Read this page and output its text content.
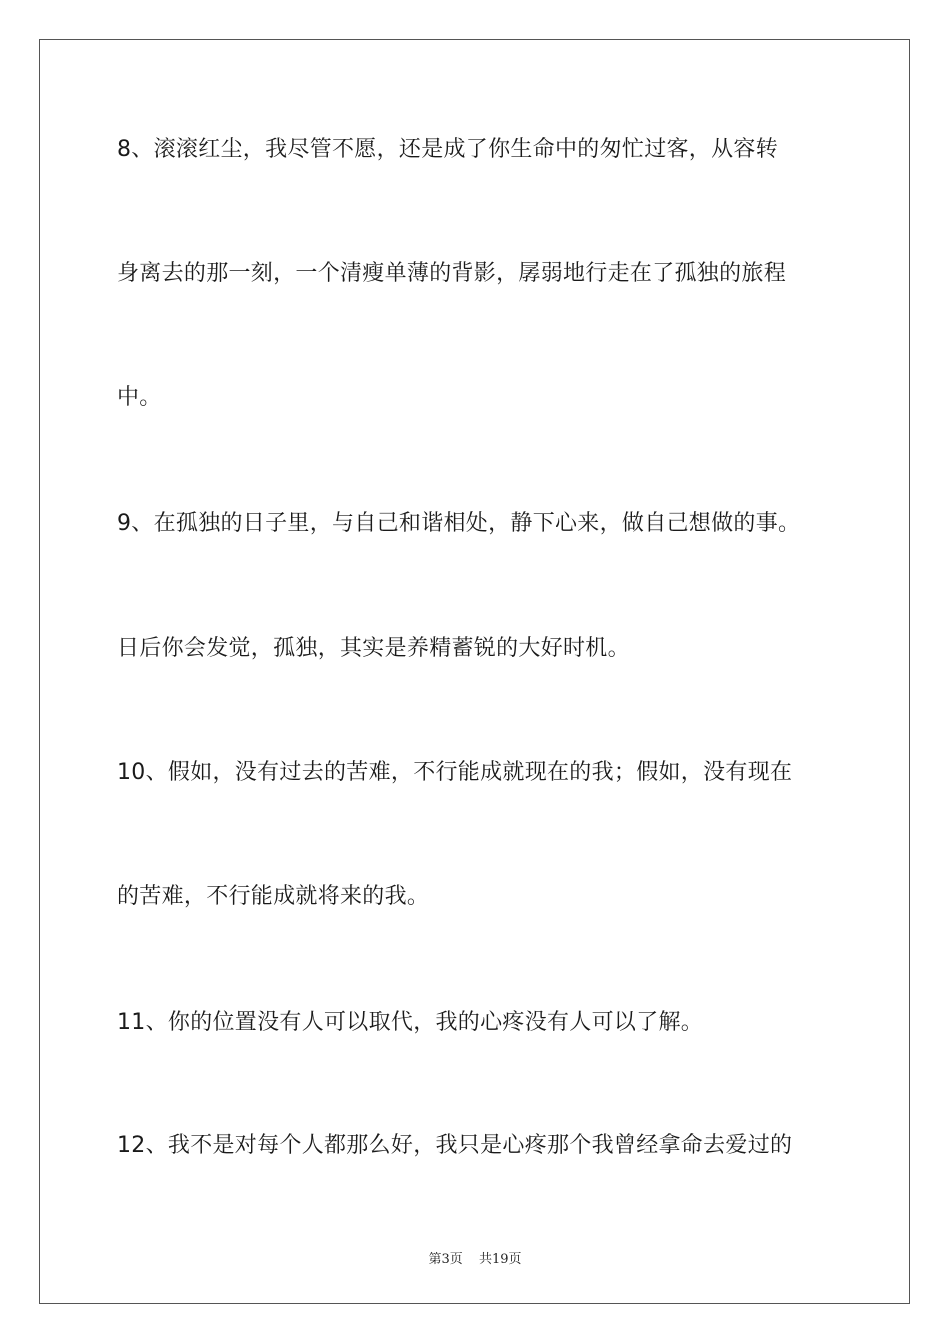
8、滚滚红尘，我尽管不愿，还是成了你生命中的匆忙过客，从容转
身离去的那一刻，一个清瘦单薄的背影，孱弱地行走在了孤独的旅程
中。
9、在孤独的日子里，与自己和谐相处，静下心来，做自己想做的事。
日后你会发觉，孤独，其实是养精蓄锐的大好时机。
10、假如，没有过去的苦难，不行能成就现在的我；假如，没有现在
的苦难，不行能成就将来的我。
11、你的位置没有人可以取代，我的心疼没有人可以了解。
12、我不是对每个人都那么好，我只是心疼那个我曾经拿命去爱过的
第3页 共19页
